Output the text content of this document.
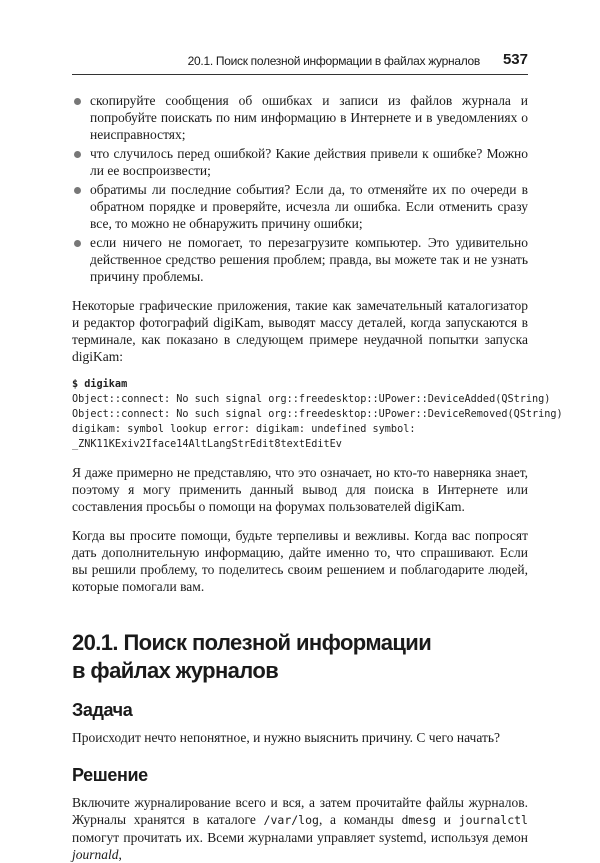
20.1. Поиск полезной информации в файлах журналов 537
скопируйте сообщения об ошибках и записи из файлов журнала и попробуйте поискать по ним информацию в Интернете и в уведомлениях о неисправностях;
что случилось перед ошибкой? Какие действия привели к ошибке? Можно ли ее воспроизвести;
обратимы ли последние события? Если да, то отменяйте их по очереди в обратном порядке и проверяйте, исчезла ли ошибка. Если отменить сразу все, то можно не обнаружить причину ошибки;
если ничего не помогает, то перезагрузите компьютер. Это удивительно действенное средство решения проблем; правда, вы можете так и не узнать причину проблемы.

Некоторые графические приложения, такие как замечательный каталогизатор и редактор фотографий digiKam, выводят массу деталей, когда запускаются в терминале, как показано в следующем примере неудачной попытки запуска digiKam:

$ digikam
Object::connect: No such signal org::freedesktop::UPower::DeviceAdded(QString)
Object::connect: No such signal org::freedesktop::UPower::DeviceRemoved(QString)
digikam: symbol lookup error: digikam: undefined symbol:
_ZNK11KExiv2Iface14AltLangStrEdit8textEditEv

Я даже примерно не представляю, что это означает, но кто-то наверняка знает, поэтому я могу применить данный вывод для поиска в Интернете или составления просьбы о помощи на форумах пользователей digiKam.

Когда вы просите помощи, будьте терпеливы и вежливы. Когда вас попросят дать дополнительную информацию, дайте именно то, что спрашивают. Если вы решили проблему, то поделитесь своим решением и поблагодарите людей, которые помогали вам.

20.1. Поиск полезной информации
в файлах журналов
Задача

Происходит нечто непонятное, и нужно выяснить причину. С чего начать?

Решение

Включите журналирование всего и вся, а затем прочитайте файлы журналов. Журналы хранятся в каталоге /var/log, а команды dmesg и journalctl помогут прочитать их. Всеми журналами управляет systemd, используя демон journald,
